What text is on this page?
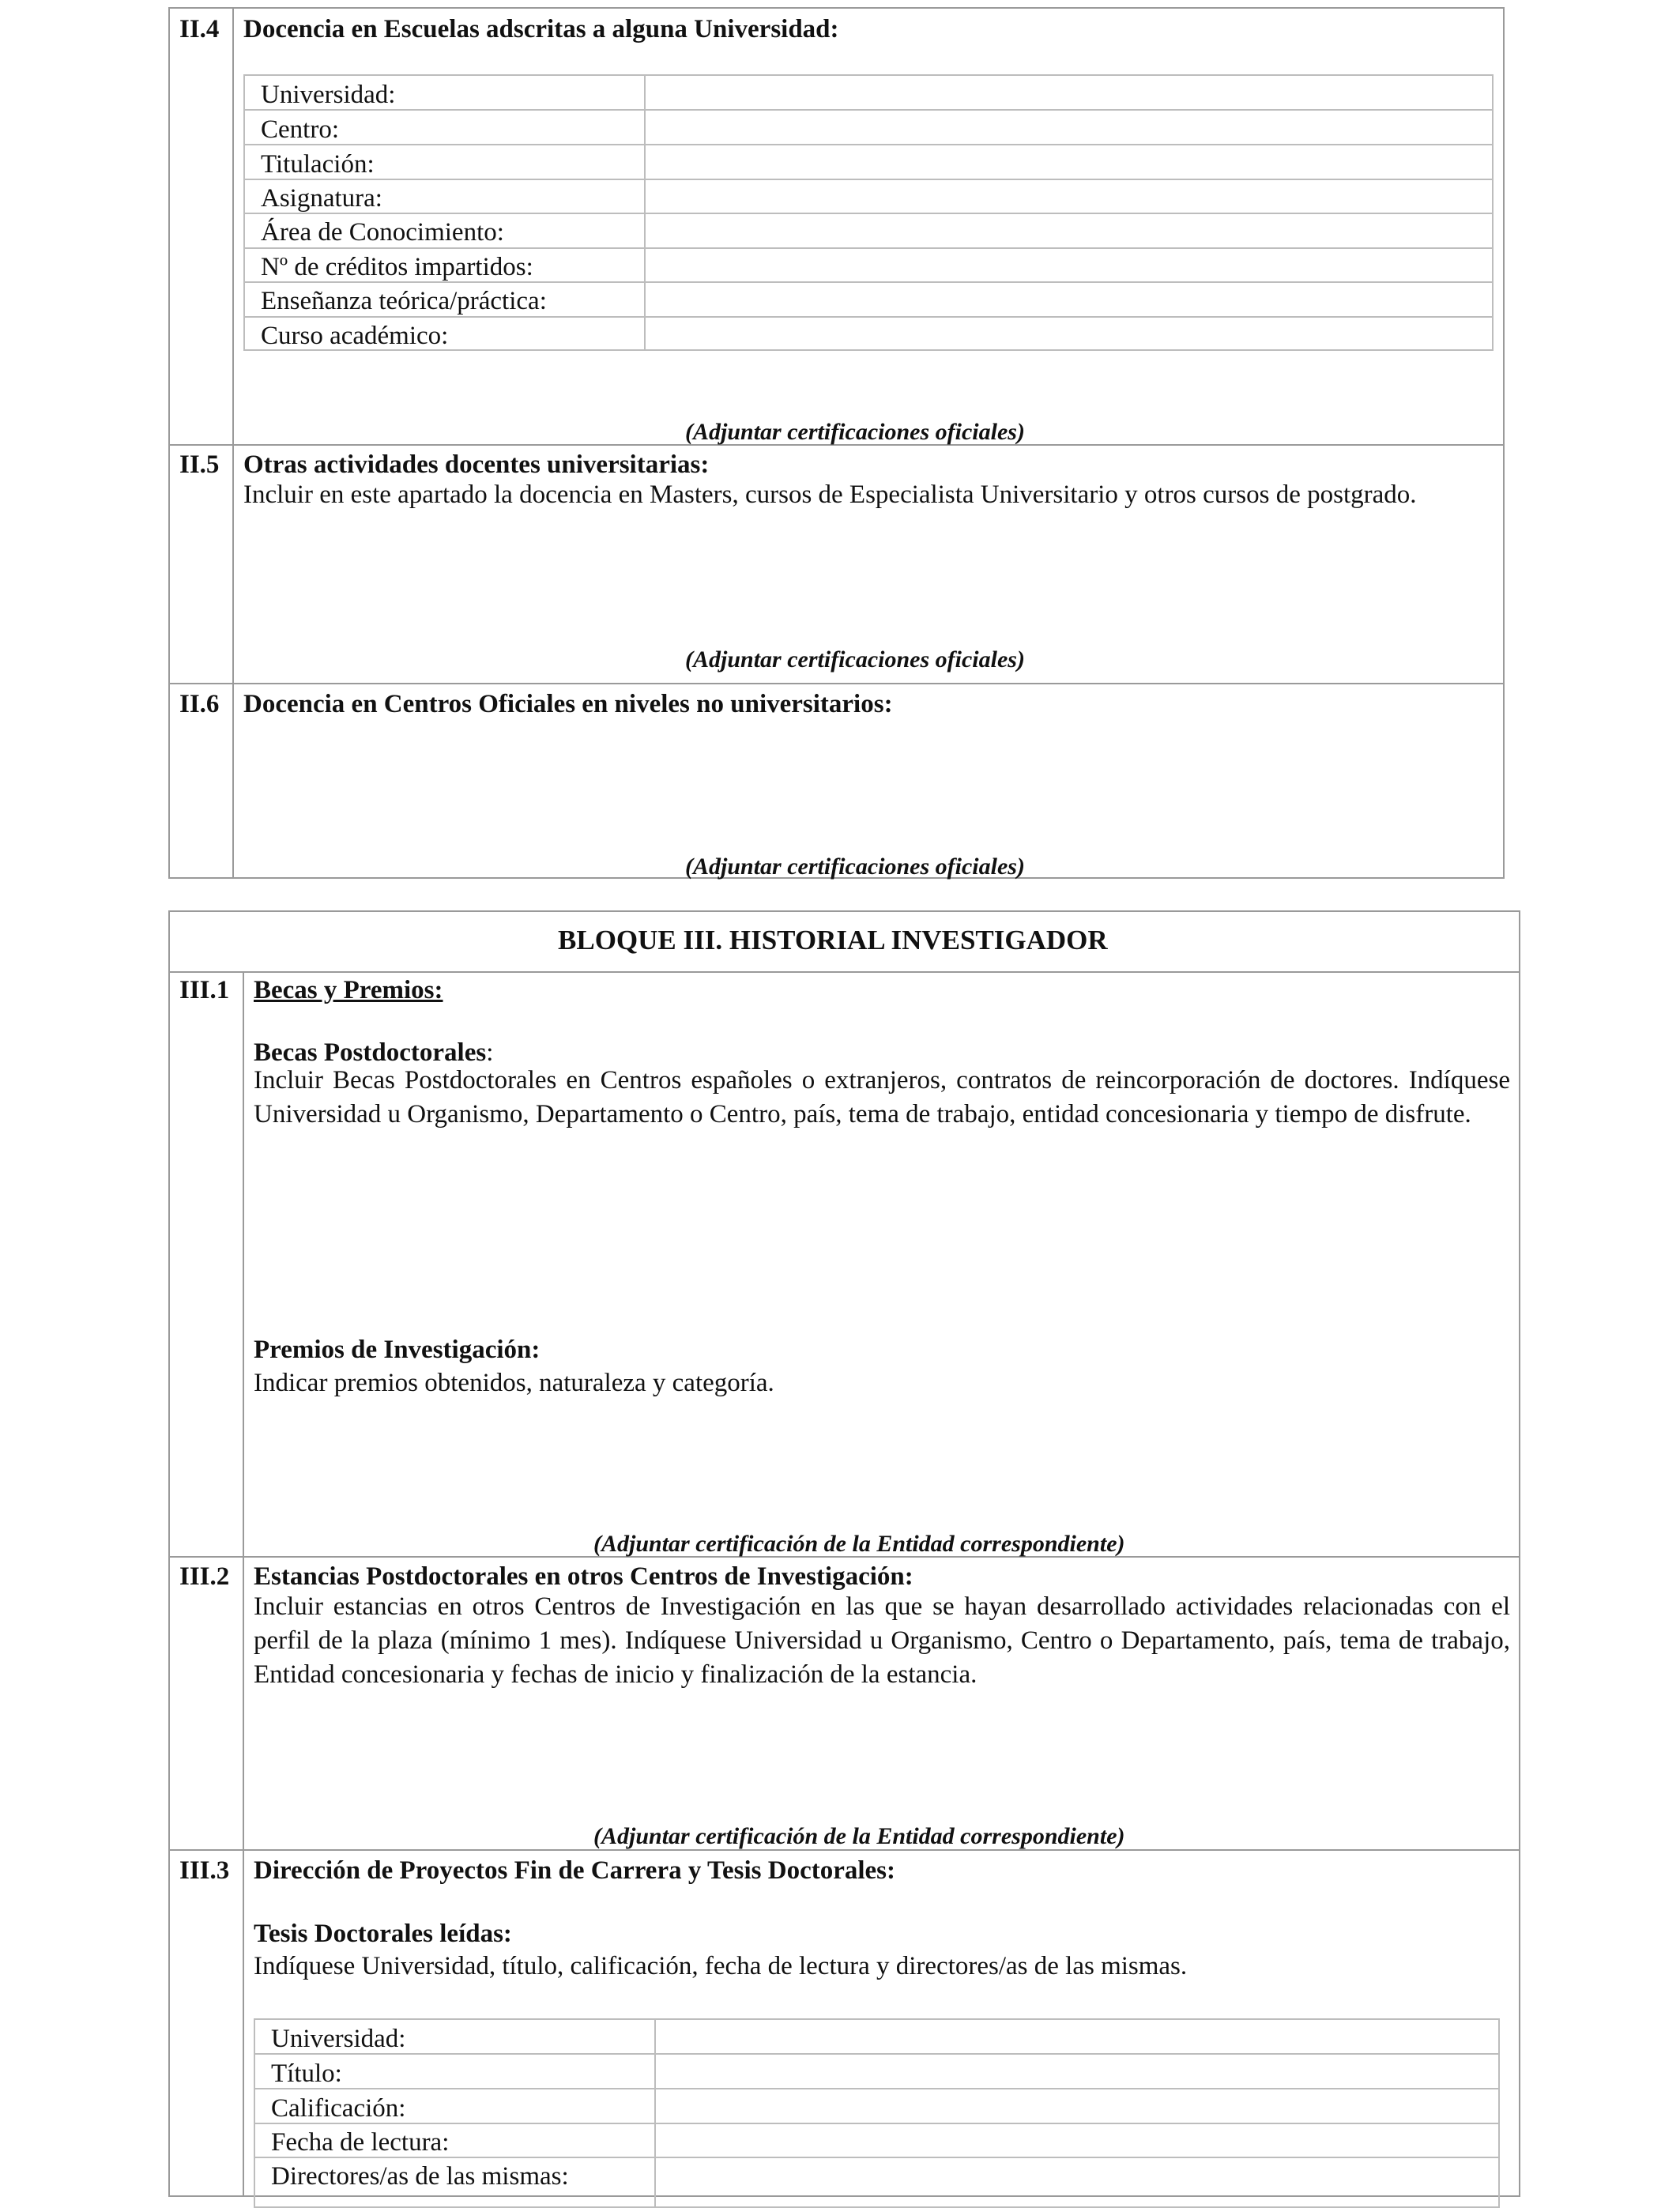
II.4 Docencia en Escuelas adscritas a alguna Universidad:
Universidad:
Centro:
Titulación:
Asignatura:
Área de Conocimiento:
Nº de créditos impartidos:
Enseñanza teórica/práctica:
Curso académico:
(Adjuntar certificaciones oficiales)
II.5 Otras actividades docentes universitarias:
Incluir en este apartado la docencia en Masters, cursos de Especialista Universitario y otros cursos de postgrado.
(Adjuntar certificaciones oficiales)
II.6 Docencia en Centros Oficiales en niveles no universitarios:
(Adjuntar certificaciones oficiales)
BLOQUE III. HISTORIAL INVESTIGADOR
III.1 Becas y Premios:
Becas Postdoctorales:
Incluir Becas Postdoctorales en Centros españoles o extranjeros, contratos de reincorporación de doctores. Indíquese Universidad u Organismo, Departamento o Centro, país, tema de trabajo, entidad concesionaria y tiempo de disfrute.
Premios de Investigación:
Indicar premios obtenidos, naturaleza y categoría.
(Adjuntar certificación de la Entidad correspondiente)
III.2 Estancias Postdoctorales en otros Centros de Investigación:
Incluir estancias en otros Centros de Investigación en las que se hayan desarrollado actividades relacionadas con el perfil de la plaza (mínimo 1 mes). Indíquese Universidad u Organismo, Centro o Departamento, país, tema de trabajo, Entidad concesionaria y fechas de inicio y finalización de la estancia.
(Adjuntar certificación de la Entidad correspondiente)
III.3 Dirección de Proyectos Fin de Carrera y Tesis Doctorales:
Tesis Doctorales leídas:
Indíquese Universidad, título, calificación, fecha de lectura y directores/as de las mismas.
Universidad:
Título:
Calificación:
Fecha de lectura:
Directores/as de las mismas:
